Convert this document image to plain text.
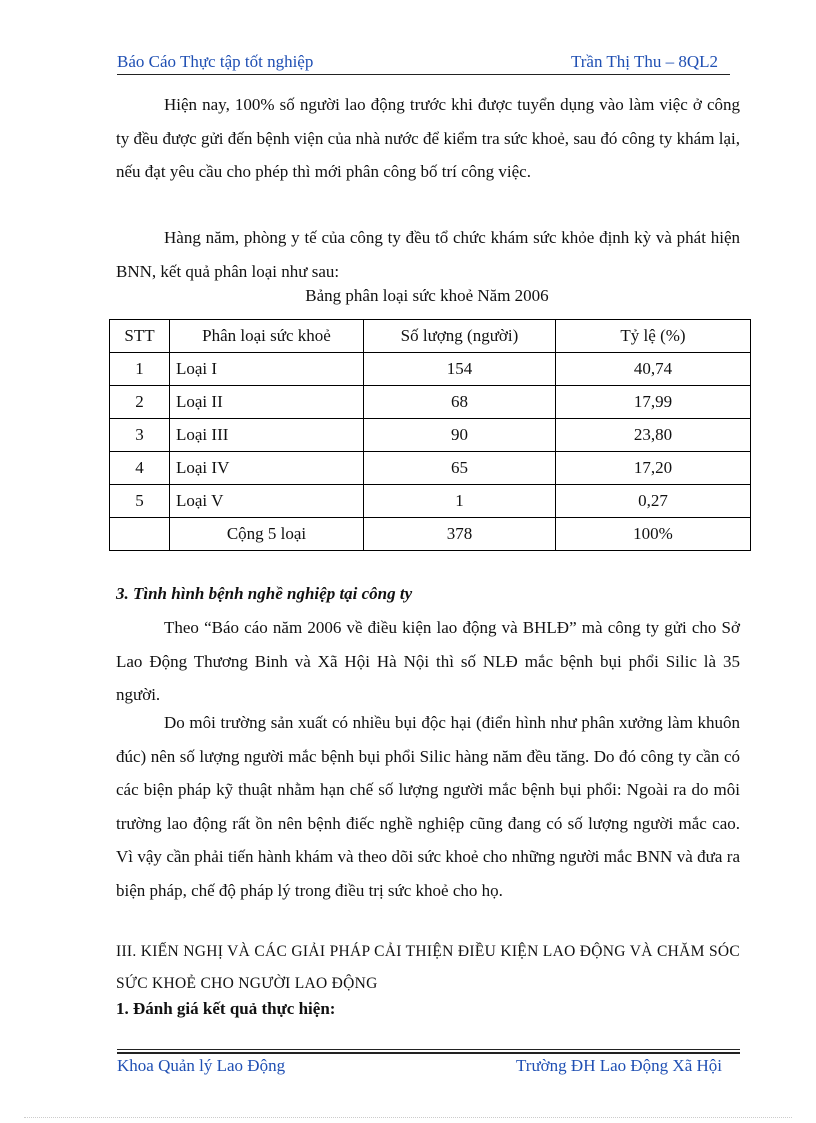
Báo Cáo Thực tập tốt nghiệp	Trần Thị Thu – 8QL2
Hiện nay, 100% số người lao động trước khi được tuyển dụng vào làm việc ở công ty đều được gửi đến bệnh viện của nhà nước để kiểm tra sức khoẻ, sau đó công ty khám lại, nếu đạt yêu cầu cho phép thì mới phân công bố trí công việc.
Hàng năm, phòng y tế của công ty đều tổ chức khám sức khỏe định kỳ và phát hiện BNN, kết quả phân loại như sau:
Bảng phân loại sức khoẻ Năm 2006
STT	Phân loại sức khoẻ	Số lượng (người)	Tỷ lệ (%)
1	Loại I	154	40,74
2	Loại II	68	17,99
3	Loại III	90	23,80
4	Loại IV	65	17,20
5	Loại V	1	0,27
	Cộng 5 loại	378	100%
3. Tình hình bệnh nghề nghiệp tại công ty
Theo “Báo cáo năm 2006 về điều kiện lao động và BHLĐ” mà công ty gửi cho Sở Lao Động Thương Binh và Xã Hội Hà Nội thì số NLĐ mắc bệnh bụi phổi Silic là 35 người.
Do môi trường sản xuất có nhiều bụi độc hại (điển hình như phân xưởng làm khuôn đúc) nên số lượng người mắc bệnh bụi phổi Silic hàng năm đều tăng. Do đó công ty cần có các biện pháp kỹ thuật nhằm hạn chế số lượng người mắc bệnh bụi phổi: Ngoài ra do môi trường lao động rất ồn nên bệnh điếc nghề nghiệp cũng đang có số lượng người mắc cao. Vì vậy cần phải tiến hành khám và theo dõi sức khoẻ cho những người mắc BNN và đưa ra biện pháp, chế độ pháp lý trong điều trị sức khoẻ cho họ.
III. KIẾN NGHỊ VÀ CÁC GIẢI PHÁP CẢI THIỆN ĐIỀU KIỆN LAO ĐỘNG VÀ CHĂM SÓC SỨC KHOẺ CHO NGƯỜI LAO ĐỘNG
1. Đánh giá kết quả thực hiện:
Khoa Quản lý Lao Động	Trường ĐH Lao Động Xã Hội
